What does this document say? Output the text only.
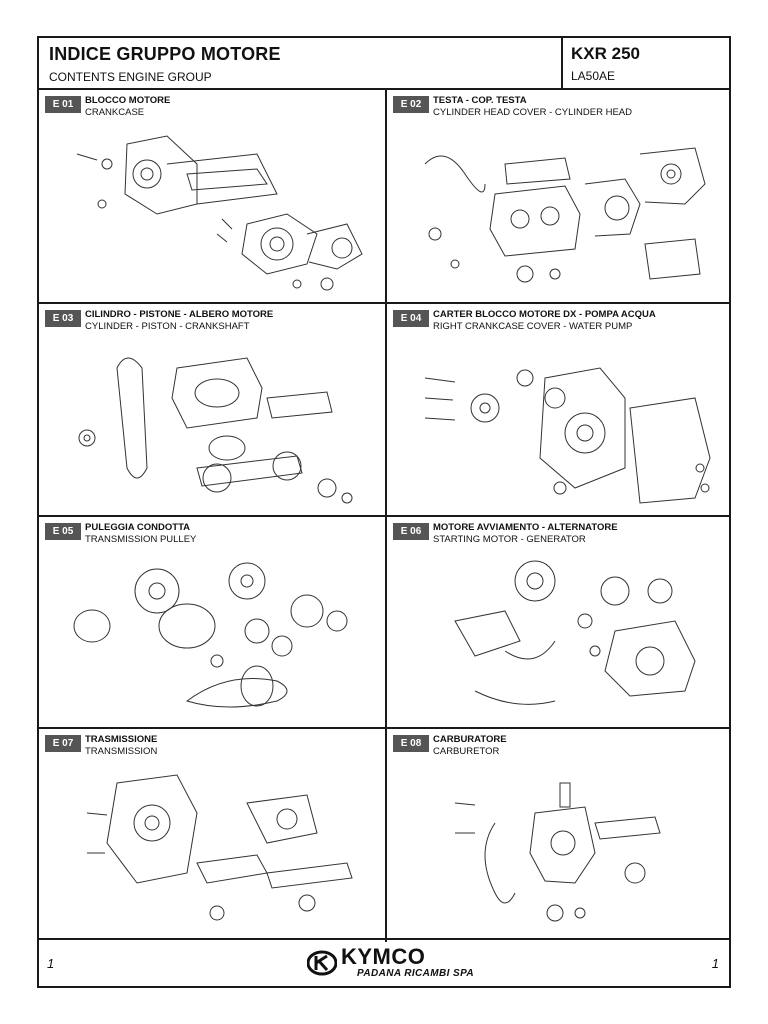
INDICE GRUPPO MOTORE
CONTENTS ENGINE GROUP
KXR 250
LA50AE
E 01	BLOCCO MOTORE
CRANKCASE
E 02	TESTA - COP. TESTA
CYLINDER HEAD COVER - CYLINDER HEAD
E 03	CILINDRO - PISTONE - ALBERO MOTORE
CYLINDER - PISTON - CRANKSHAFT
E 04	CARTER BLOCCO MOTORE DX - POMPA ACQUA
RIGHT CRANKCASE COVER - WATER PUMP
E 05	PULEGGIA CONDOTTA
TRANSMISSION PULLEY
E 06	MOTORE AVVIAMENTO - ALTERNATORE
STARTING MOTOR - GENERATOR
E 07	TRASMISSIONE
TRANSMISSION
E 08	CARBURATORE
CARBURETOR
1	KYMCO
PADANA RICAMBI SPA
1
